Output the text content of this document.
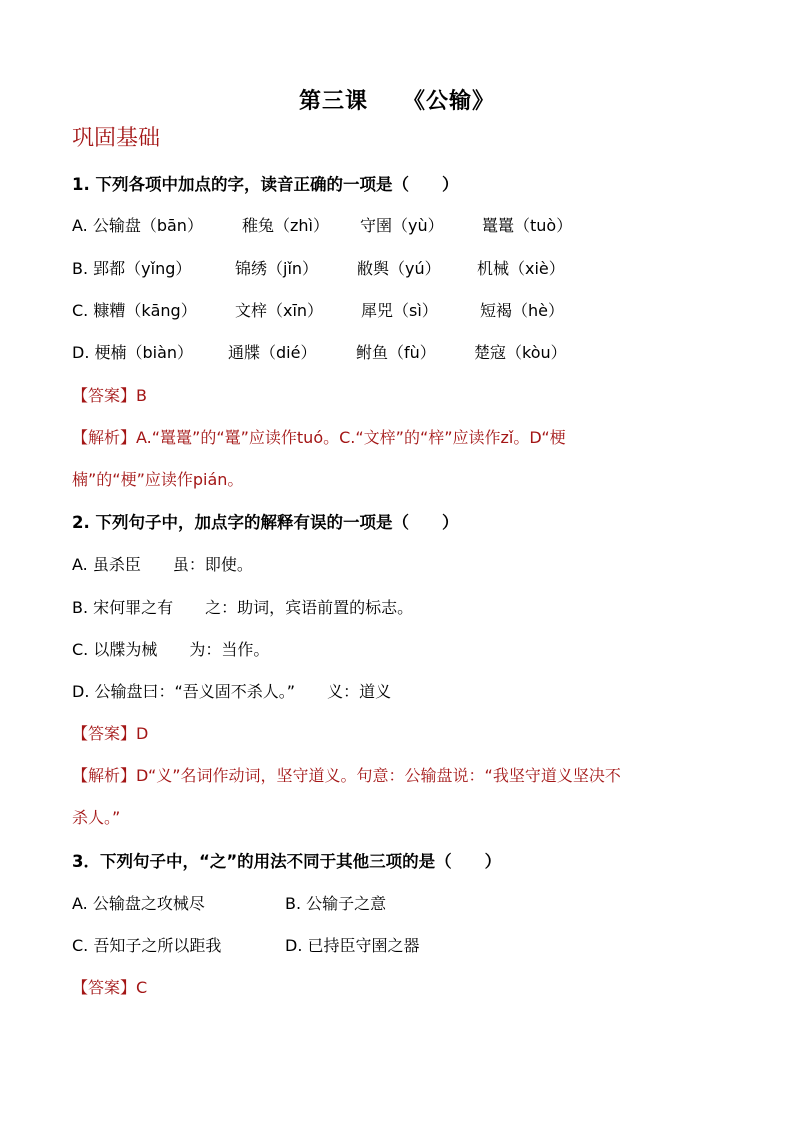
第三课　　《公输》
巩固基础
1. 下列各项中加点的字，读音正确的一项是（　　）
A. 公输盘（bān） 稚兔（zhì） 守圉（yù） 鼍鼍（tuò）
B. 郢都（yǐng）	锦绣（jǐn） 敝舆（yú） 机械（xiè）
C. 糠糟（kāng） 文梓（xīn） 犀兕（sì）	短褐（hè）
D. 梗楠（biàn） 通牒（dié） 鲋鱼（fù） 楚寇（kòu）
【答案】B
【解析】A.“鼍鼍”的“鼍”应读作tuó。C.“文梓”的“梓”应读作zǐ。D“梗
楠”的“梗”应读作pián。
2. 下列句子中，加点字的解释有误的一项是（　　）
A. 虽杀臣　　虽：即使。
B. 宋何罪之有　　之：助词，宾语前置的标志。
C. 以牒为械　　为：当作。
D. 公输盘曰：“吾义固不杀人。”　　义：道义
【答案】D
【解析】D“义”名词作动词，坚守道义。句意：公输盘说：“我坚守道义坚决不
杀人。”
3．下列句子中，“之”的用法不同于其他三项的是（　　）
A. 公输盘之攻械尽	B. 公输子之意
C. 吾知子之所以距我	D. 已持臣守圉之器
【答案】C
